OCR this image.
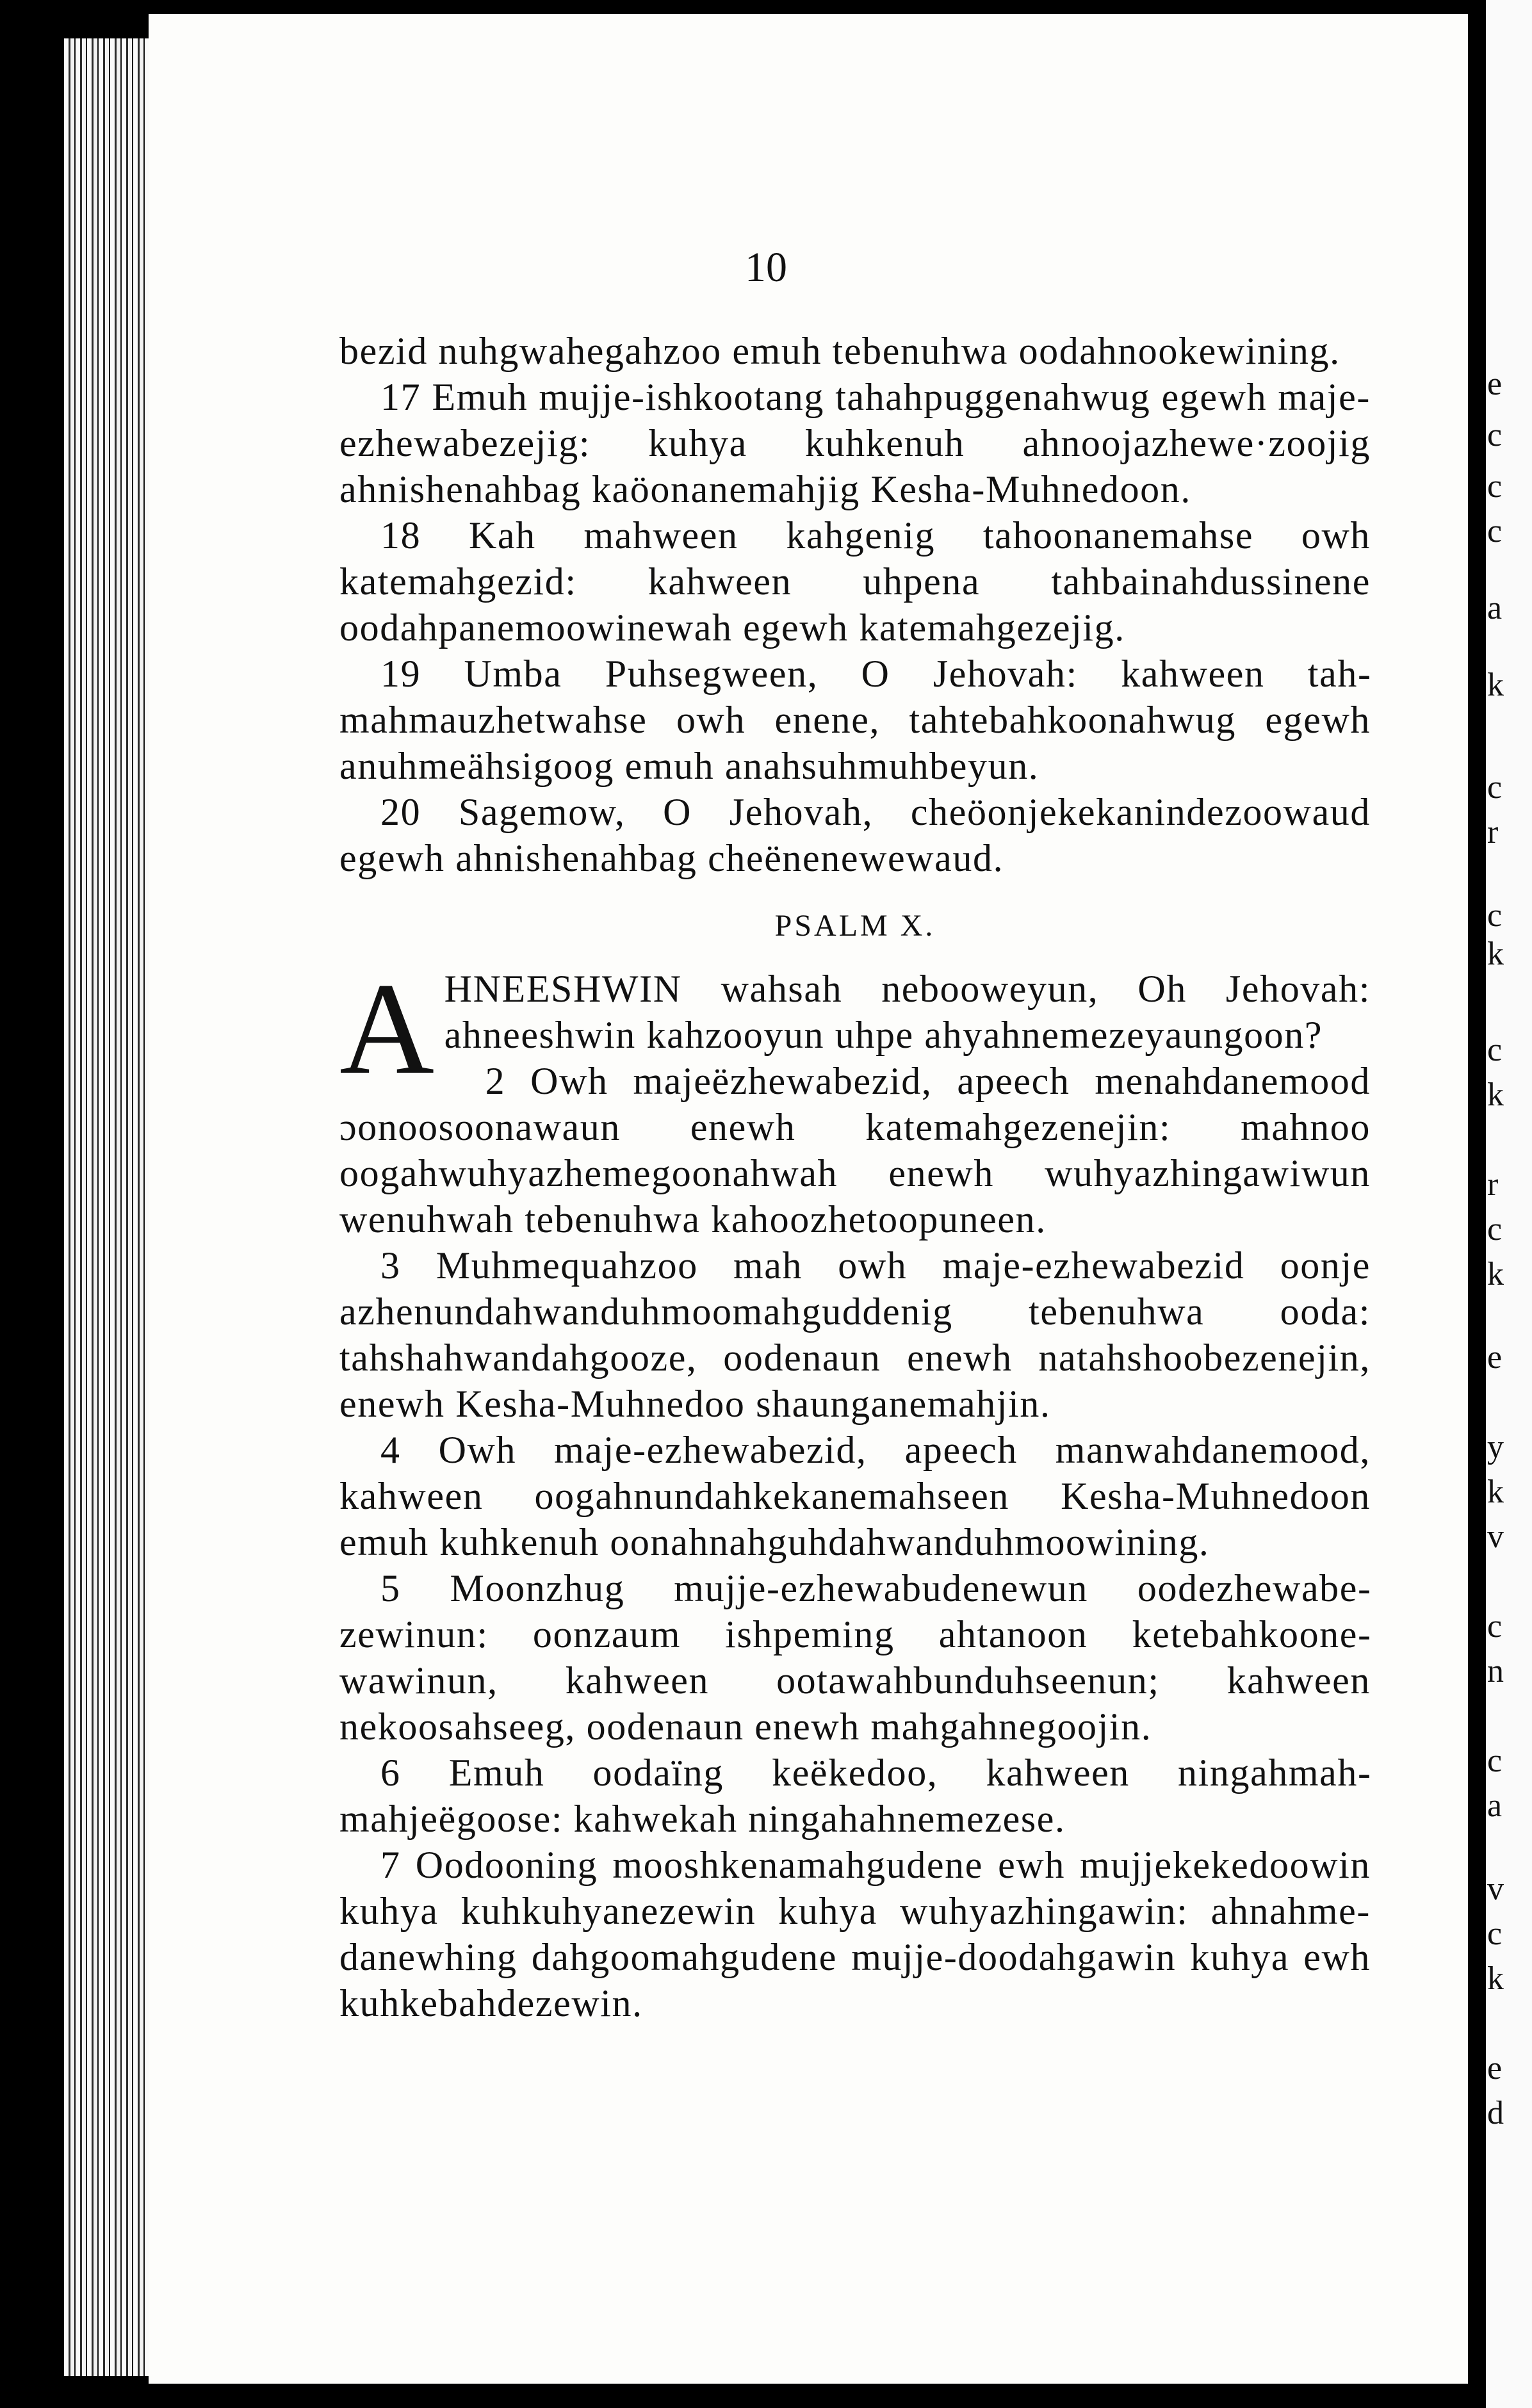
e
c
c
c
a
k
c
r
c
k
c
k
r
c
k
e
y
k
v
c
n
c
a
v
c
k
e
d
10

bezid nuhgwahegahzoo emuh tebenuhwa oodahnookewining.

17 Emuh mujje-ishkootang tahahpuggenahwug egewh maje-ezhewabezejig: kuhya kuhkenuh ahnoojazhewe·zoojig ahnishenahbag kaöonanemahjig Kesha-Muhnedoon.

18 Kah mahween kahgenig tahoonanemahse owh katemahgezid: kahween uhpena tahbainahdussinene oodahpanemoowinewah egewh katemahgezejig.

19 Umba Puhsegween, O Jehovah: kahween tahmahmauzhetwahse owh enene, tahtebahkoonahwug egewh anuhmeähsigoog emuh anahsuhmuhbeyun.

20 Sagemow, O Jehovah, cheöonjekekanindezoowaud egewh ahnishenahbag cheënenewewaud.

PSALM X.

AHNEESHWIN wahsah nebooweyun, Oh Jehovah: ahneeshwin kahzooyun uhpe ahyahnemezeyaungoon?

2 Owh majeëzhewabezid, apeech menahdanemood ɔonoosoonawaun enewh katemahgezenejin: mahnoo oogahwuhyazhemegoonahwah enewh wuhyazhingawiwun wenuhwah tebenuhwa kahoozhetoopuneen.

3 Muhmequahzoo mah owh maje-ezhewabezid oonje azhenundahwanduhmoomahguddenig tebenuhwa ooda: tahshahwandahgooze, oodenaun enewh natahshoobezenejin, enewh Kesha-Muhnedoo shaunganemahjin.

4 Owh maje-ezhewabezid, apeech manwahdanemood, kahween oogahnundahkekanemahseen Kesha-Muhnedoon emuh kuhkenuh oonahnahguhdahwanduhmoowining.

5 Moonzhug mujje-ezhewabudenewun oodezhewabezewinun: oonzaum ishpeming ahtanoon ketebahkoonewawinun, kahween ootawahbunduhseenun; kahween nekoosahseeg, oodenaun enewh mahgahnegoojin.

6 Emuh oodaïng keëkedoo, kahween ningahmahmahjeëgoose: kahwekah ningahahnemezese.

7 Oodooning mooshkenamahgudene ewh mujjekekedoowin kuhya kuhkuhyanezewin kuhya wuhyazhingawin: ahnahme-danewhing dahgoomahgudene mujje-doodahgawin kuhya ewh kuhkebahdezewin.
